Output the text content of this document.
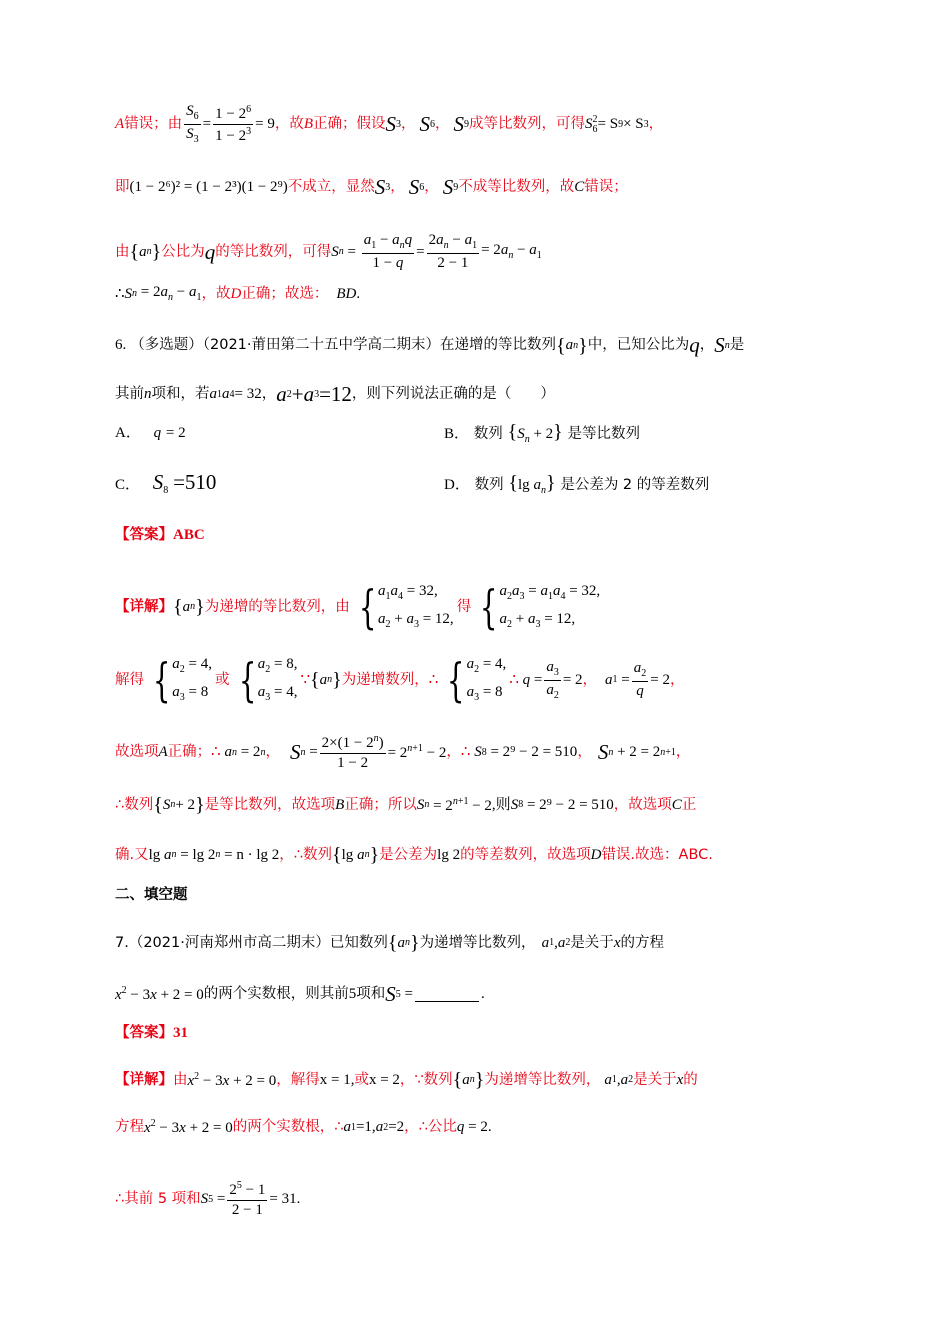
A 错误；由 $\frac{S_6}{S_3} = \frac{1 - 2^6}{1 - 2^3} = 9$ ，故 B 正确；假设 S 3 ， S 6 ， S 9 成等比数列，可得 S 2
6 = S 9 × S 3 ，
即 (1 − 2⁶)² = (1 − 2³)(1 − 2⁹) 不成立，显然 S 3 ， S 6 ， S 9 不成等比数列，故 C 错误；
由 { a n } 公比为 q 的等比数列，可得 S $n = \frac{a_1 - a_nq}{1 - q} = \frac{2a_n - a_1}{2 - 1} = 2a_n - a_1$
∴ S $n = 2a_n - a_1$ ，故 D 正确；故选： BD .
6. （多选题）（2021·莆田第二十五中学高二期末）在递增的等比数列 { a n } 中，已知公比为 q ， S n 是
其前 n 项和，若 a 1 a 4 = 32 ， a 2 + a 3 =12 ，则下列说法正确的是（　　）
A． q = 2	B． 数列 $\{S_n + 2\}$ 是等比数列
C． $S_8 =510$	D． 数列 {lg $a_n$} 是公差为 2 的等差数列
【答案】 ABC
【详解】 { a n } 为递增的等比数列，由 { $a_1a_4 = 32$,
$a_2 + a_3 = 12$,
得 { $a_2a_3 = a_1a_4 = 32$,
$a_2 + a_3 = 12$,
解得 { $a_2 = 4$,
$a_3 = 8$
或 { $a_2 = 8$,
$a_3 = 4$,
∵ { a n } 为递增数列， ∴ { $a_2 = 4$,
$a_3 = 8$
∴ $q = \frac{a_3}{a_2} = 2$ ， a $1 = \frac{a_2}{q} = 2$ ，
故选项 A 正确； ∴ a n
= 2 n ， S $n = \frac{2\times(1 - 2^n)}{1 - 2} = 2^{n+1} - 2$ ， ∴ S 8
= 2⁹ − 2 = 510 ， S n
+ 2 = 2 n+1 ，
∴数列 { S n + 2 } 是等比数列，故选项 B 正确；所以 S $n = 2^{n+1} - 2$ ,则 S 8
= 2⁹ − 2 = 510 ，故选项 C 正
确.又 lg a n
= lg 2 n
= n · lg 2 ，∴数列 { lg a n } 是公差为 lg 2 的等差数列，故选项 D 错误.故选：ABC.
二、填空题
7.（2021·河南郑州市高二期末）已知数列 { a n } 为递增等比数列， a 1 , a 2 是关于 x 的方程
$x^2 - 3x + 2 = 0$ 的两个实数根，则其前 5 项和 S 5
=	.
【答案】 31
【详解】 由 $x^2 - 3x + 2 = 0$ ，解得 x = 1, 或 x = 2 ，∵数列 { a n } 为递增等比数列， a 1 , a 2 是关于 x 的
方程 $x^2 - 3x + 2 = 0$ 的两个实数根，∴ a 1 =1, a 2 =2 ，∴公比 q
= 2 .
∴其前 5 项和 S $5 = \frac{2^5 - 1}{2 - 1} = 31$ .
